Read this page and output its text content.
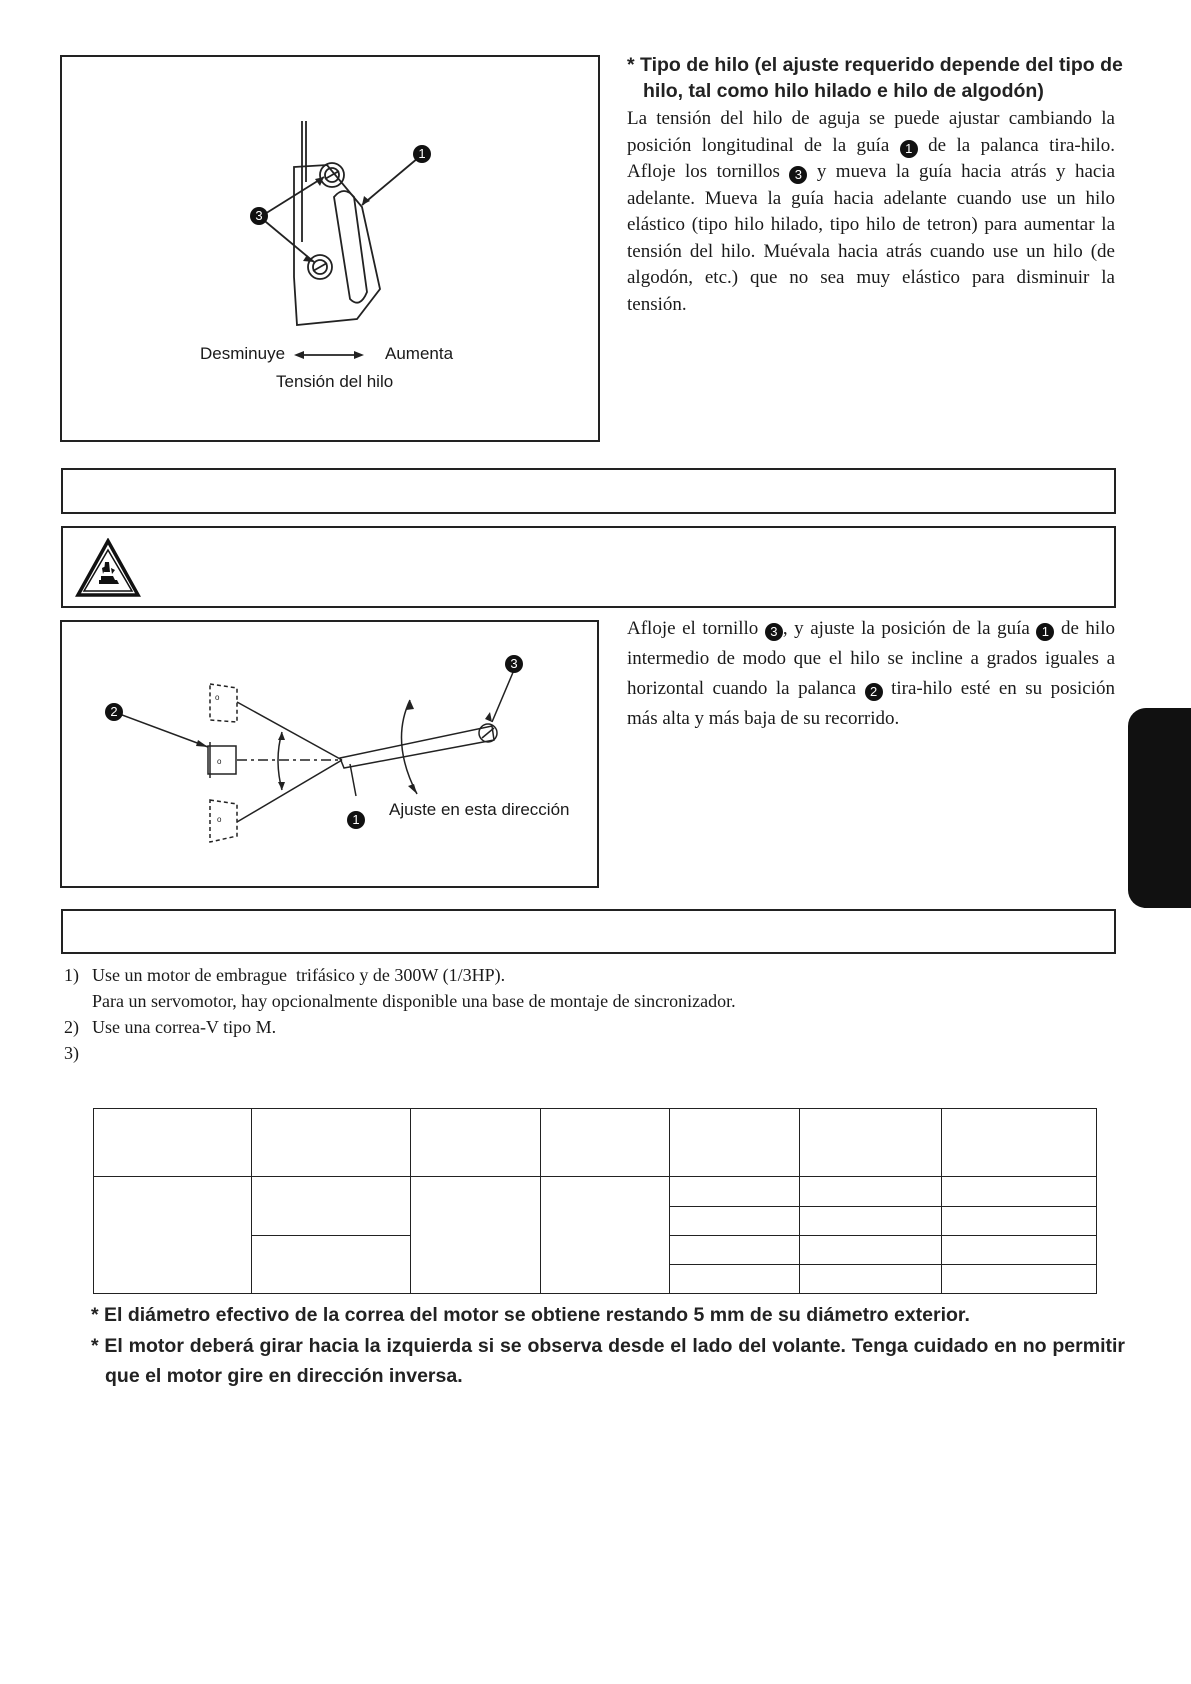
1
3
Desminuye	Aumenta
Tensión del hilo
* Tipo de hilo (el ajuste requerido depende del tipo de hilo, tal como hilo hilado e hilo de algodón)
La tensión del hilo de aguja se puede ajustar cambiando la posición longitudinal de la guía 1 de la palanca tira-hilo. Afloje los tornillos 3 y mueva la guía hacia atrás y hacia adelante. Mueva la guía hacia adelante cuando use un hilo elástico (tipo hilo hilado, tipo hilo de tetron) para aumentar la tensión del hilo. Muévala hacia atrás cuando use un hilo (de algodón, etc.) que no sea muy elástico para disminuir la tensión.
o
o
o
2
3
1
Ajuste en esta dirección
Afloje el tornillo 3 , y ajuste la posición de la guía 1 de hilo intermedio de modo que el hilo se incline a grados iguales a horizontal cuando la palanca 2 tira-hilo esté en su posición más alta y más baja de su recorrido.
1) Use un motor de embrague  trifásico y de 300W (1/3HP).
Para un servomotor, hay opcionalmente disponible una base de montaje de sincronizador.
2) Use una correa-V tipo M.
3)

* El diámetro efectivo de la correa del motor se obtiene restando 5 mm de su diámetro exterior.
* El motor deberá girar hacia la izquierda si se observa desde el lado del volante. Tenga cuidado en no permitir que el motor gire en dirección inversa.
